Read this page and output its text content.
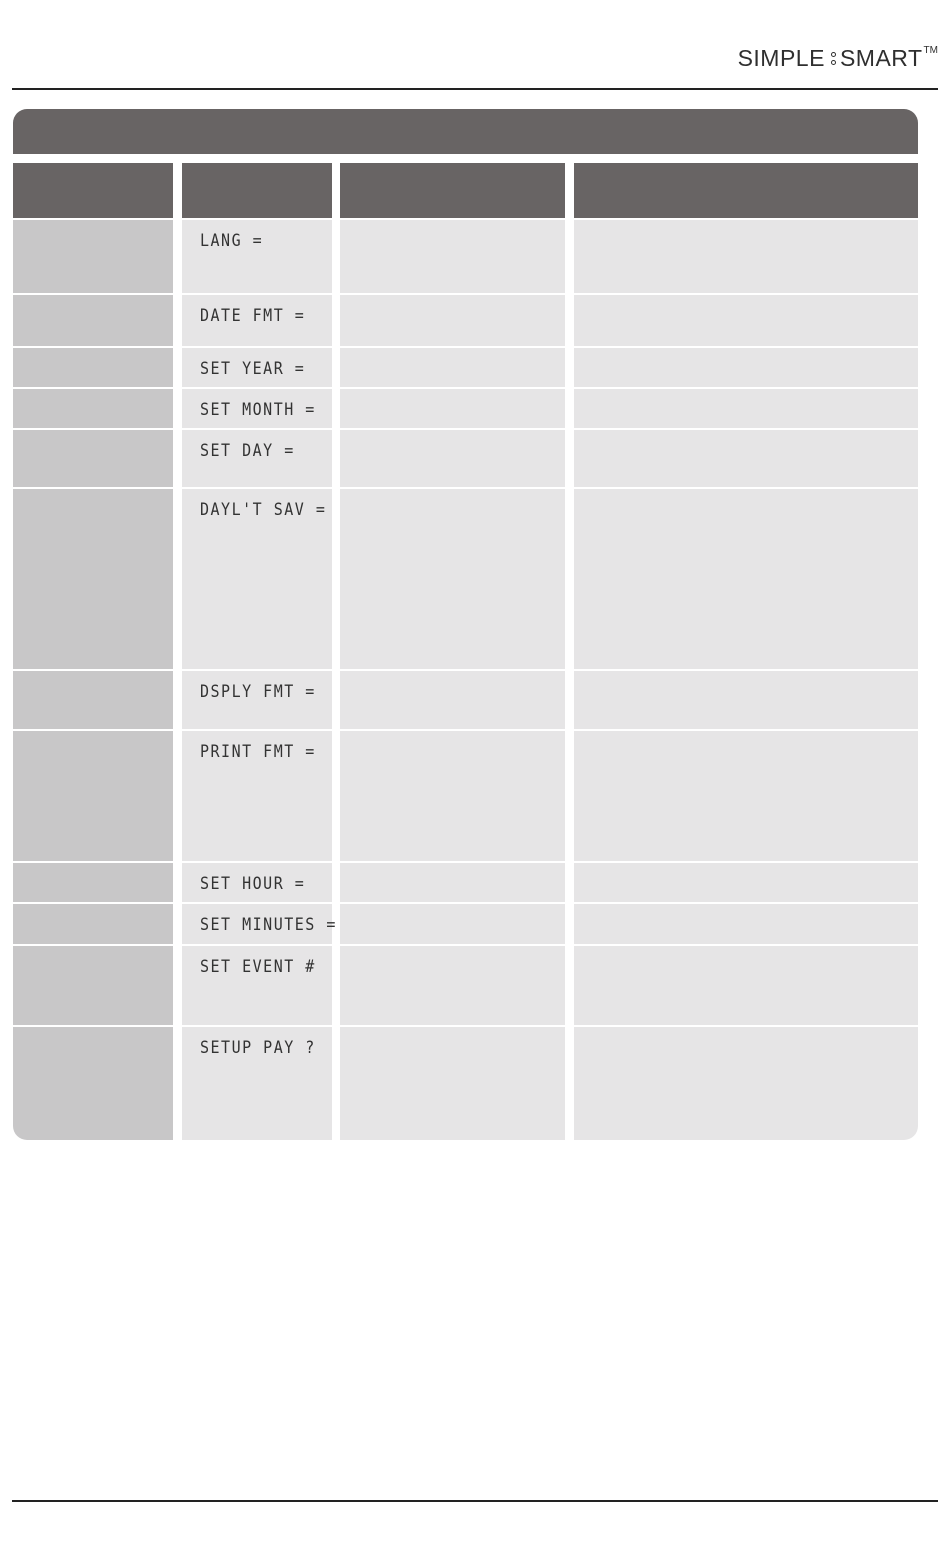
SIMPLE SMART TM
LANG =
DATE FMT =
SET YEAR =
SET MONTH =
SET DAY =
DAYL'T SAV =
DSPLY FMT =
PRINT FMT =
SET HOUR =
SET MINUTES =
SET EVENT #
SETUP PAY ?
